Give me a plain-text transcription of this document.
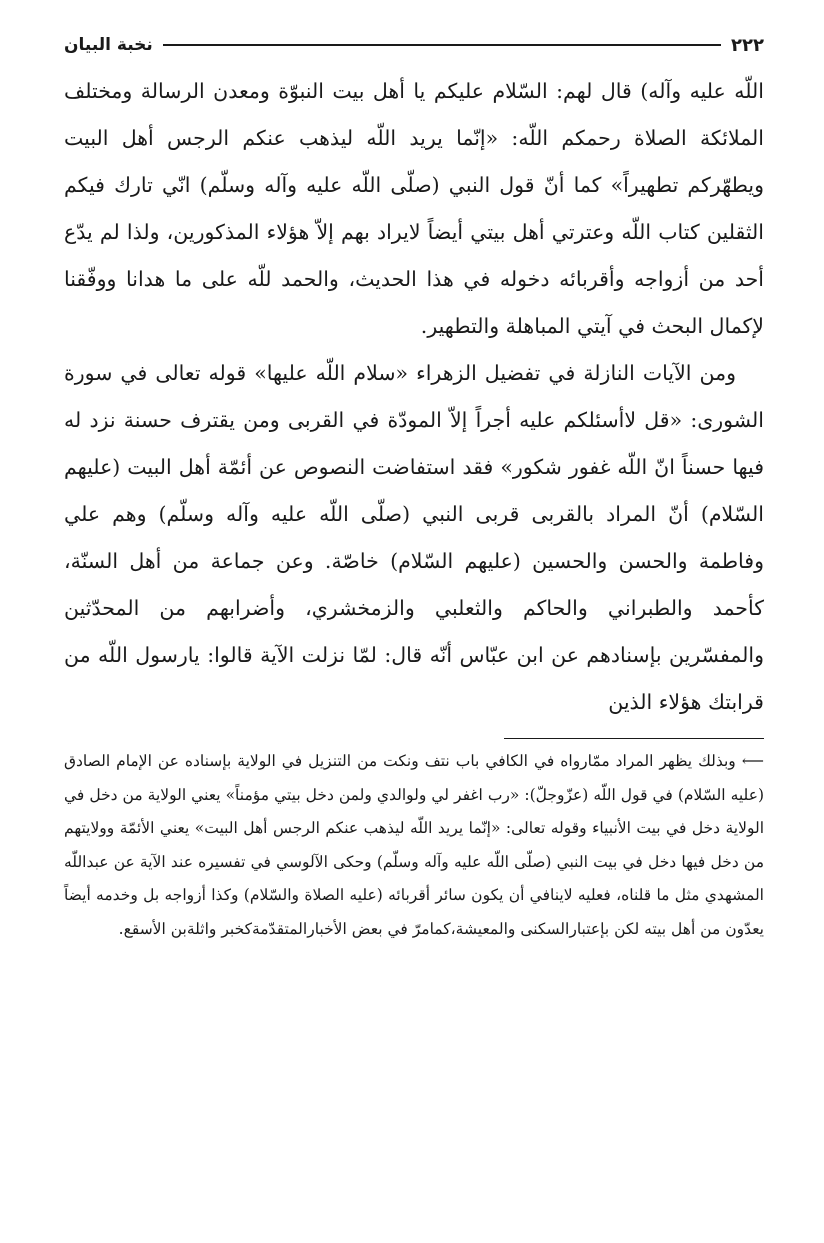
٢٢٢
نخبة البيان

اللّه عليه وآله) قال لهم: السّلام عليكم يا أهل بيت النبوّة ومعدن الرسالة ومختلف الملائكة الصلاة رحمكم اللّه: «إنّما يريد اللّه ليذهب عنكم الرجس أهل البيت ويطهّركم تطهيراً» كما أنّ قول النبي (صلّى اللّه عليه وآله وسلّم) انّي تارك فيكم الثقلين كتاب اللّه وعترتي أهل بيتي أيضاً لايراد بهم إلاّ هؤلاء المذكورين، ولذا لم يدّع أحد من أزواجه وأقربائه دخوله في هذا الحديث، والحمد للّه على ما هدانا ووفّقنا لإكمال البحث في آيتي المباهلة والتطهير.

ومن الآيات النازلة في تفضيل الزهراء «سلام اللّه عليها» قوله تعالى في سورة الشورى: «قل لاأسئلكم عليه أجراً إلاّ المودّة في القربى ومن يقترف حسنة نزد له فيها حسناً انّ اللّه غفور شكور» فقد استفاضت النصوص عن أئمّة أهل البيت (عليهم السّلام) أنّ المراد بالقربى قربى النبي (صلّى اللّه عليه وآله وسلّم) وهم علي وفاطمة والحسن والحسين (عليهم السّلام) خاصّة. وعن جماعة من أهل السنّة، كأحمد والطبراني والحاكم والثعلبي والزمخشري، وأضرابهم من المحدّثين والمفسّرين بإسنادهم عن ابن عبّاس أنّه قال: لمّا نزلت الآية قالوا: يارسول اللّه من قرابتك هؤلاء الذين

⟵ وبذلك يظهر المراد ممّارواه في الكافي باب نتف ونكت من التنزيل في الولاية بإسناده عن الإمام الصادق (عليه السّلام) في قول اللّه (عزّوجلّ): «رب اغفر لي ولوالدي ولمن دخل بيتي مؤمناً» يعني الولاية من دخل في الولاية دخل في بيت الأنبياء وقوله تعالى: «إنّما يريد اللّه ليذهب عنكم الرجس أهل البيت» يعني الأئمّة وولايتهم من دخل فيها دخل في بيت النبي (صلّى اللّه عليه وآله وسلّم) وحكى الآلوسي في تفسيره عند الآية عن عبداللّه المشهدي مثل ما قلناه، فعليه لاينافي أن يكون سائر أقربائه (عليه الصلاة والسّلام) وكذا أزواجه بل وخدمه أيضاً يعدّون من أهل بيته لكن بإعتبارالسكنى والمعيشة،كمامرّ في بعض الأخبارالمتقدّمةكخبر واثلةبن الأسقع.
